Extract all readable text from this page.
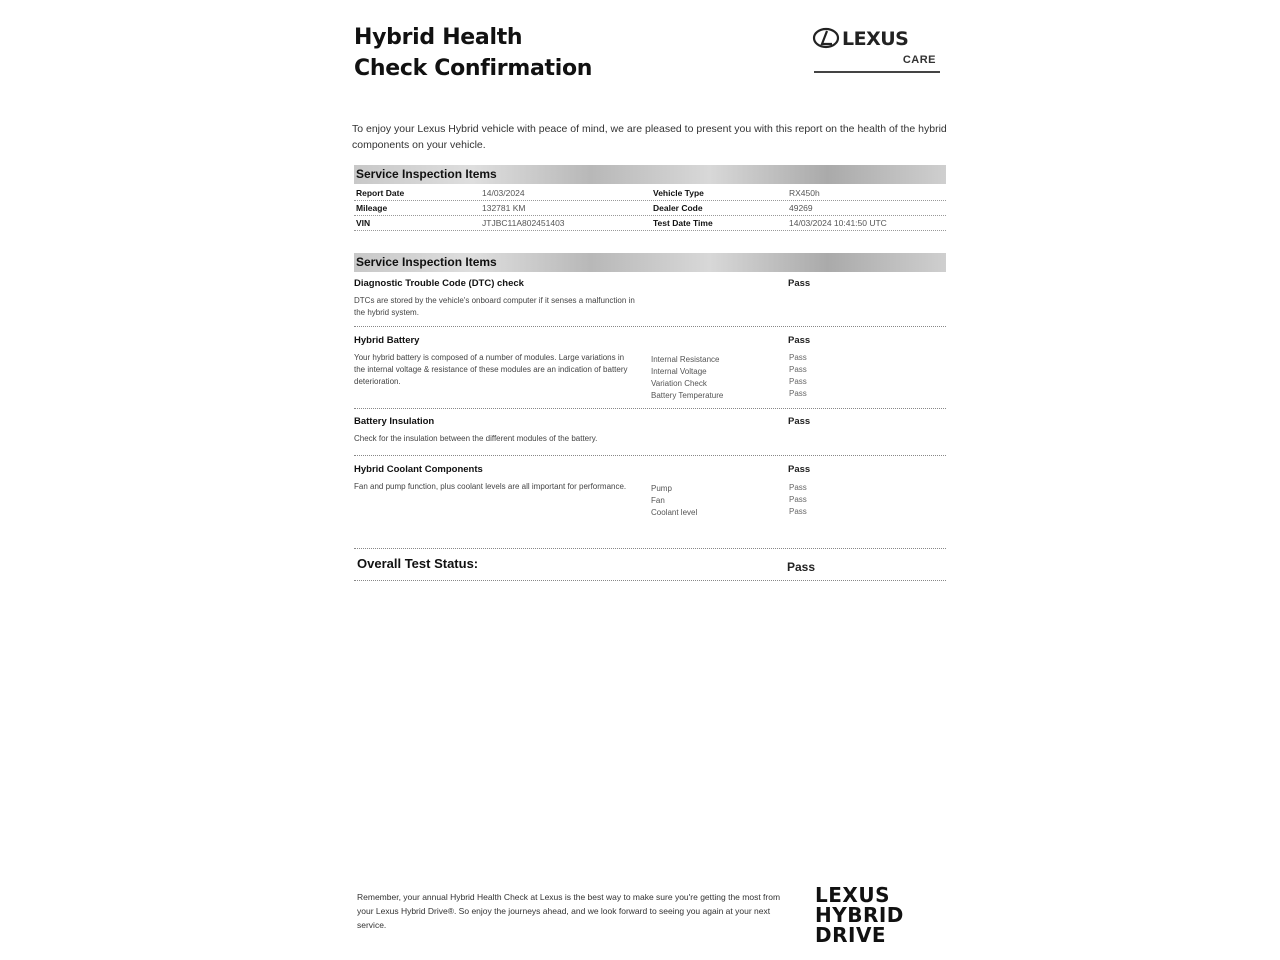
Hybrid Health
Check Confirmation
LEXUS
CARE
To enjoy your Lexus Hybrid vehicle with peace of mind, we are pleased to present you with this report on the health of the hybrid components on your vehicle.
Service Inspection Items
Report Date	14/03/2024	Vehicle Type	RX450h
Mileage	132781 KM	Dealer Code	49269
VIN	JTJBC11A802451403	Test Date Time	14/03/2024 10:41:50 UTC
Service Inspection Items
Diagnostic Trouble Code (DTC) check	Pass
DTCs are stored by the vehicle's onboard computer if it senses a malfunction in the hybrid system.
Hybrid Battery	Pass
Your hybrid battery is composed of a number of modules. Large variations in the internal voltage & resistance of these modules are an indication of battery deterioration.
Internal Resistance	Pass
Internal Voltage	Pass
Variation Check	Pass
Battery Temperature	Pass
Battery Insulation	Pass
Check for the insulation between the different modules of the battery.
Hybrid Coolant Components	Pass
Fan and pump function, plus coolant levels are all important for performance.	Pump	Pass
Fan	Pass
Coolant level	Pass
Overall Test Status:	Pass
Remember, your annual Hybrid Health Check at Lexus is the best way to make sure you're getting the most from your Lexus Hybrid Drive®. So enjoy the journeys ahead, and we look forward to seeing you again at your next service.
LEXUS
HYBRID
DRIVE
